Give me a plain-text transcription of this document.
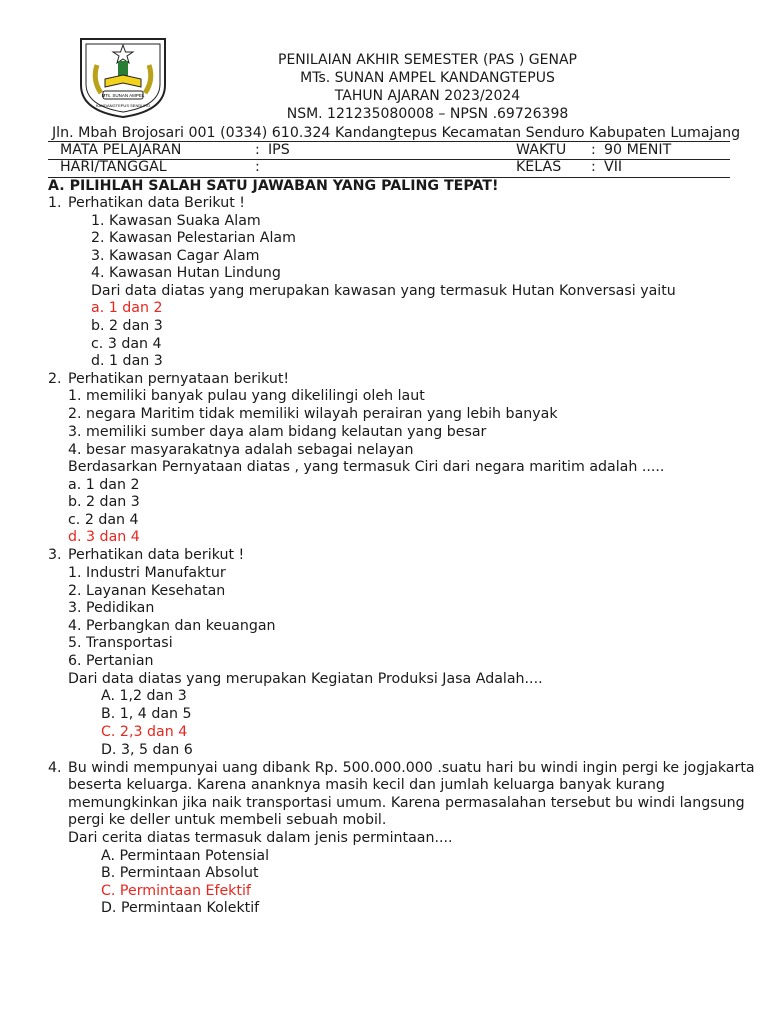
MTs. SUNAN AMPEL
KANDANGTEPUS SENDURO
PENILAIAN AKHIR SEMESTER (PAS ) GENAP
MTs. SUNAN AMPEL KANDANGTEPUS
TAHUN AJARAN 2023/2024
NSM. 121235080008 – NPSN .69726398
Jln. Mbah Brojosari 001 (0334) 610.324 Kandangtepus Kecamatan Senduro Kabupaten Lumajang
MATA PELAJARAN	: IPS	WAKTU : 90 MENIT
HARI/TANGGAL	:	KELAS : VII
A. PILIHLAH SALAH SATU JAWABAN YANG PALING TEPAT!
1. Perhatikan data Berikut !
1. Kawasan Suaka Alam
2. Kawasan Pelestarian Alam
3. Kawasan Cagar Alam
4. Kawasan Hutan Lindung
Dari data diatas yang merupakan kawasan yang termasuk Hutan Konversasi yaitu
a. 1 dan 2
b. 2 dan 3
c. 3 dan 4
d. 1 dan 3
2. Perhatikan pernyataan berikut!
1. memiliki banyak pulau yang dikelilingi oleh laut
2. negara Maritim tidak memiliki wilayah perairan yang lebih banyak
3. memiliki sumber daya alam bidang kelautan yang besar
4. besar masyarakatnya adalah sebagai nelayan
Berdasarkan Pernyataan diatas , yang termasuk Ciri dari negara maritim adalah .....
a. 1 dan 2
b. 2 dan 3
c. 2 dan 4
d. 3 dan 4
3. Perhatikan data berikut !
1. Industri Manufaktur
2. Layanan Kesehatan
3. Pedidikan
4. Perbangkan dan keuangan
5. Transportasi
6. Pertanian
Dari data diatas yang merupakan Kegiatan Produksi Jasa Adalah....
A. 1,2 dan 3
B. 1, 4 dan 5
C. 2,3 dan 4
D. 3, 5 dan 6
4. Bu windi mempunyai uang dibank Rp. 500.000.000 .suatu hari bu windi ingin pergi ke jogjakarta
beserta keluarga. Karena ananknya masih kecil dan jumlah keluarga banyak kurang
memungkinkan jika naik transportasi umum. Karena permasalahan tersebut bu windi langsung
pergi ke deller untuk membeli sebuah mobil.
Dari cerita diatas termasuk dalam jenis permintaan....
A. Permintaan Potensial
B. Permintaan Absolut
C. Permintaan Efektif
D. Permintaan Kolektif
